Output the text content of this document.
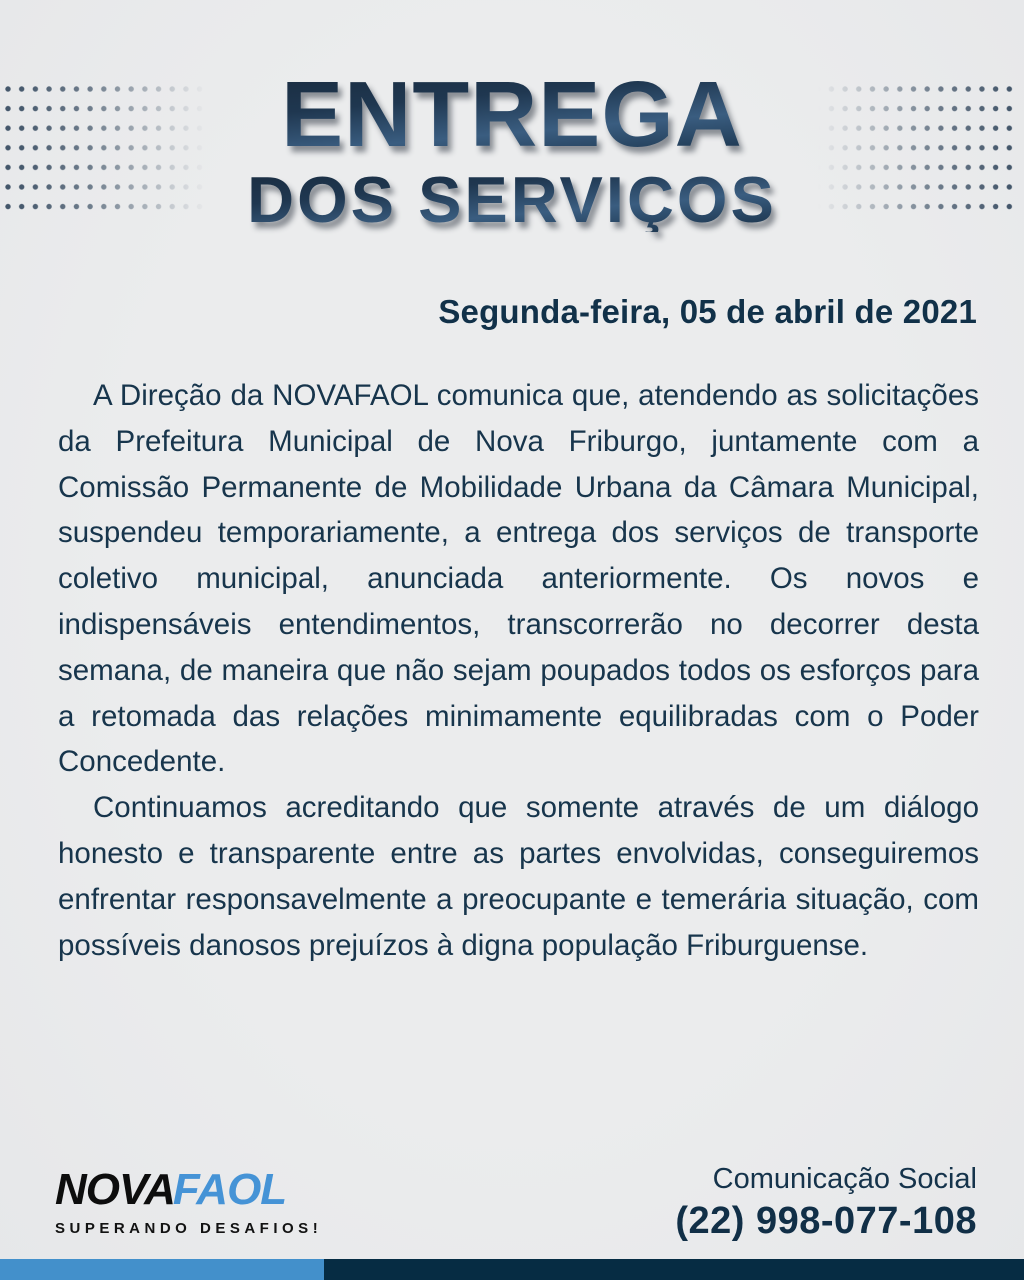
ENTREGA
DOS SERVIÇOS
Segunda-feira, 05 de abril de 2021

A Direção da NOVAFAOL comunica que, atendendo as solicitações da Prefeitura Municipal de Nova Friburgo, juntamente com a Comissão Permanente de Mobilidade Urbana da Câmara Municipal, suspendeu temporariamente, a entrega dos serviços de transporte coletivo municipal, anunciada anteriormente. Os novos e indispensáveis entendimentos, transcorrerão no decorrer desta semana, de maneira que não sejam poupados todos os esforços para a retomada das relações minimamente equilibradas com o Poder Concedente.

Continuamos acreditando que somente através de um diálogo honesto e transparente entre as partes envolvidas, conseguiremos enfrentar responsavelmente a preocupante e temerária situação, com possíveis danosos prejuízos à digna população Friburguense.

NOVAFAOL
SUPERANDO DESAFIOS!
Comunicação Social
(22) 998-077-108
